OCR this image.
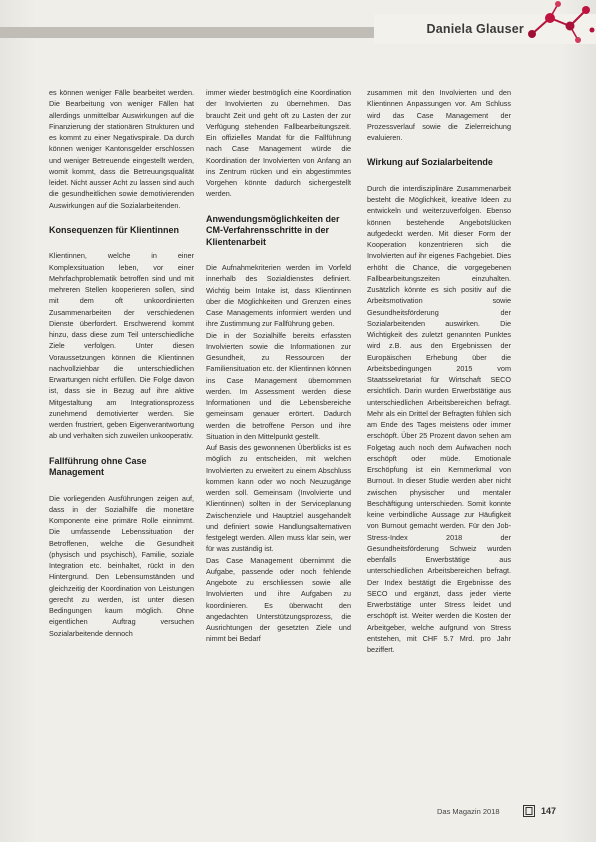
Daniela Glauser

es können weniger Fälle bearbeitet werden. Die Bearbeitung von weniger Fällen hat allerdings unmittelbar Auswirkungen auf die Finanzierung der stationären Strukturen und es kommt zu einer Negativspirale. Da durch können weniger Kantonsgelder erschlossen und weniger Betreuende eingestellt werden, womit kommt, dass die Betreuungsqualität leidet. Nicht ausser Acht zu lassen sind auch die gesundheitlichen sowie demotivierenden Auswirkungen auf die Sozialarbeitenden.

Konsequenzen für Klientinnen

Klientinnen, welche in einer Komplexsituation leben, vor einer Mehrfachproblematik betroffen sind und mit mehreren Stellen kooperieren sollen, sind mit dem oft unkoordinierten Zusammenarbeiten der verschiedenen Dienste überfordert. Erschwerend kommt hinzu, dass diese zum Teil unterschiedliche Ziele verfolgen. Unter diesen Voraussetzungen können die Klientinnen nachvollziehbar die unterschiedlichen Erwartungen nicht erfüllen. Die Folge davon ist, dass sie in Bezug auf ihre aktive Mitgestaltung am Integrationsprozess zunehmend demotivierter werden. Sie werden frustriert, geben Eigenverantwortung ab und verhalten sich zuweilen unkooperativ.

Fallführung ohne Case Management

Die vorliegenden Ausführungen zeigen auf, dass in der Sozialhilfe die monetäre Komponente eine primäre Rolle einnimmt. Die umfassende Lebenssituation der Betroffenen, welche die Gesundheit (physisch und psychisch), Familie, soziale Integration etc. beinhaltet, rückt in den Hintergrund. Den Lebensumständen und gleichzeitig der Koordination von Leistungen gerecht zu werden, ist unter diesen Bedingungen kaum möglich. Ohne eigentlichen Auftrag versuchen Sozialarbeitende dennoch

immer wieder bestmöglich eine Koordination der Involvierten zu übernehmen. Das braucht Zeit und geht oft zu Lasten der zur Verfügung stehenden Fallbearbeitungszeit. Ein offizielles Mandat für die Fallführung nach Case Management würde die Koordination der Involvierten von Anfang an ins Zentrum rücken und ein abgestimmtes Vorgehen könnte dadurch sichergestellt werden.

Anwendungsmöglichkeiten der CM-Verfahrensschritte in der Klientenarbeit

Die Aufnahmekriterien werden im Vorfeld innerhalb des Sozialdienstes definiert. Wichtig beim Intake ist, dass Klientinnen über die Möglichkeiten und Grenzen eines Case Managements informiert werden und ihre Zustimmung zur Fallführung geben.

Die in der Sozialhilfe bereits erfassten Involvierten sowie die Informationen zur Gesundheit, zu Ressourcen der Familiensituation etc. der Klientinnen können ins Case Management übernommen werden. Im Assessment werden diese Informationen und die Lebensbereiche gemeinsam genauer erörtert. Dadurch werden die betroffene Person und ihre Situation in den Mittelpunkt gestellt.

Auf Basis des gewonnenen Überblicks ist es möglich zu entscheiden, mit welchen Involvierten zu erweitert zu einem Abschluss kommen kann oder wo noch Neuzugänge werden soll. Gemeinsam (Involvierte und Klientinnen) sollten in der Serviceplanung Zwischenziele und Hauptziel ausgehandelt und definiert sowie Handlungsalternativen festgelegt werden. Allen muss klar sein, wer für was zuständig ist.

Das Case Management übernimmt die Aufgabe, passende oder noch fehlende Angebote zu erschliessen sowie alle Involvierten und ihre Aufgaben zu koordinieren. Es überwacht den angedachten Unterstützungsprozess, die Ausrichtungen der gesetzten Ziele und nimmt bei Bedarf

zusammen mit den Involvierten und den Klientinnen Anpassungen vor. Am Schluss wird das Case Management der Prozessverlauf sowie die Zielerreichung evaluieren.

Wirkung auf Sozialarbeitende

Durch die interdisziplinäre Zusammenarbeit besteht die Möglichkeit, kreative Ideen zu entwickeln und weiterzuverfolgen. Ebenso können bestehende Angebotslücken aufgedeckt werden. Mit dieser Form der Kooperation konzentrieren sich die Involvierten auf ihr eigenes Fachgebiet. Dies erhöht die Chance, die vorgegebenen Fallbearbeitungszeiten einzuhalten. Zusätzlich könnte es sich positiv auf die Arbeitsmotivation sowie Gesundheitsförderung der Sozialarbeitenden auswirken. Die Wichtigkeit des zuletzt genannten Punktes wird z.B. aus den Ergebnissen der Europäischen Erhebung über die Arbeitsbedingungen 2015 vom Staatssekretariat für Wirtschaft SECO ersichtlich. Darin wurden Erwerbstätige aus unterschiedlichen Arbeitsbereichen befragt. Mehr als ein Drittel der Befragten fühlen sich am Ende des Tages meistens oder immer erschöpft. Über 25 Prozent davon sehen am Folgetag auch noch dem Aufwachen noch erschöpft oder müde. Emotionale Erschöpfung ist ein Kernmerkmal von Burnout. In dieser Studie werden aber nicht zwischen physischer und mentaler Beschäftigung unterschieden. Somit konnte keine verbindliche Aussage zur Häufigkeit von Burnout gemacht werden. Für den Job-Stress-Index 2018 der Gesundheitsförderung Schweiz wurden ebenfalls Erwerbstätige aus unterschiedlichen Arbeitsbereichen befragt. Der Index bestätigt die Ergebnisse des SECO und ergänzt, dass jeder vierte Erwerbstätige unter Stress leidet und erschöpft ist. Weiter werden die Kosten der Arbeitgeber, welche aufgrund von Stress entstehen, mit CHF 5.7 Mrd. pro Jahr beziffert.

Das Magazin 2018	147
